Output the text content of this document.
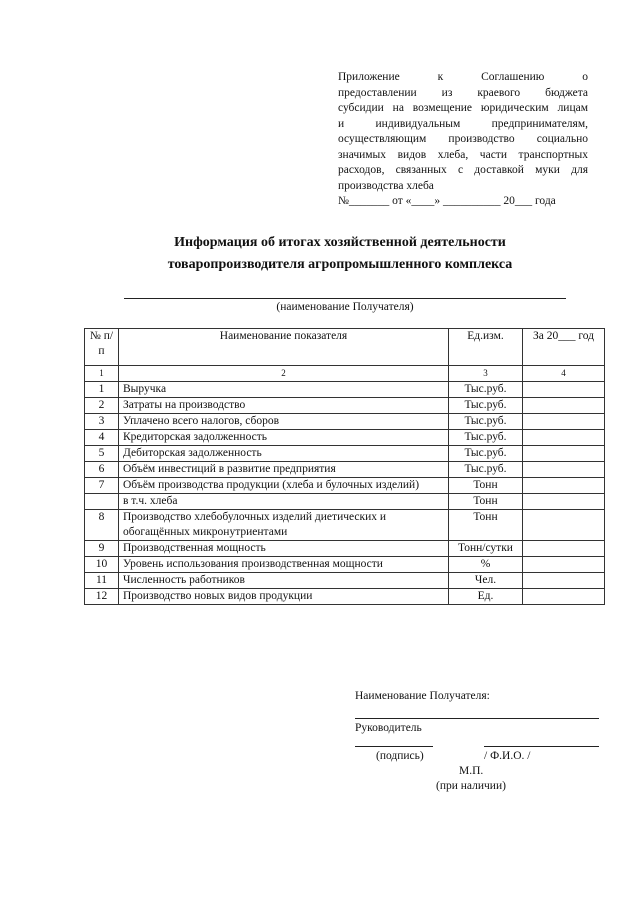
Приложение к Соглашению о
предоставлении из краевого бюджета
субсидии на возмещение юридическим лицам
и индивидуальным предпринимателям,
осуществляющим производство социально
значимых видов хлеба, части транспортных
расходов, связанных с доставкой муки для
производства хлеба
№_______ от «____» __________ 20___ года
Информация об итогах хозяйственной деятельности
товаропроизводителя агропромышленного комплекса
(наименование Получателя)
№ п/п	Наименование показателя	Ед.изм.	За 20___ год
1	2	3	4
1	Выручка	Тыс.руб.	
2	Затраты на производство	Тыс.руб.	
3	Уплачено всего налогов, сборов	Тыс.руб.	
4	Кредиторская задолженность	Тыс.руб.	
5	Дебиторская задолженность	Тыс.руб.	
6	Объём инвестиций в развитие предприятия	Тыс.руб.	
7	Объём производства продукции (хлеба и булочных изделий)	Тонн	
	в т.ч. хлеба	Тонн	
8	Производство хлебобулочных изделий диетических и обогащённых микронутриентами	Тонн	
9	Производственная мощность	Тонн/сутки	
10	Уровень использования производственная мощности	%	
11	Численность работников	Чел.	
12	Производство новых видов продукции	Ед.	
Наименование Получателя:
Руководитель
(подпись)	/ Ф.И.О. /
М.П.
(при наличии)
